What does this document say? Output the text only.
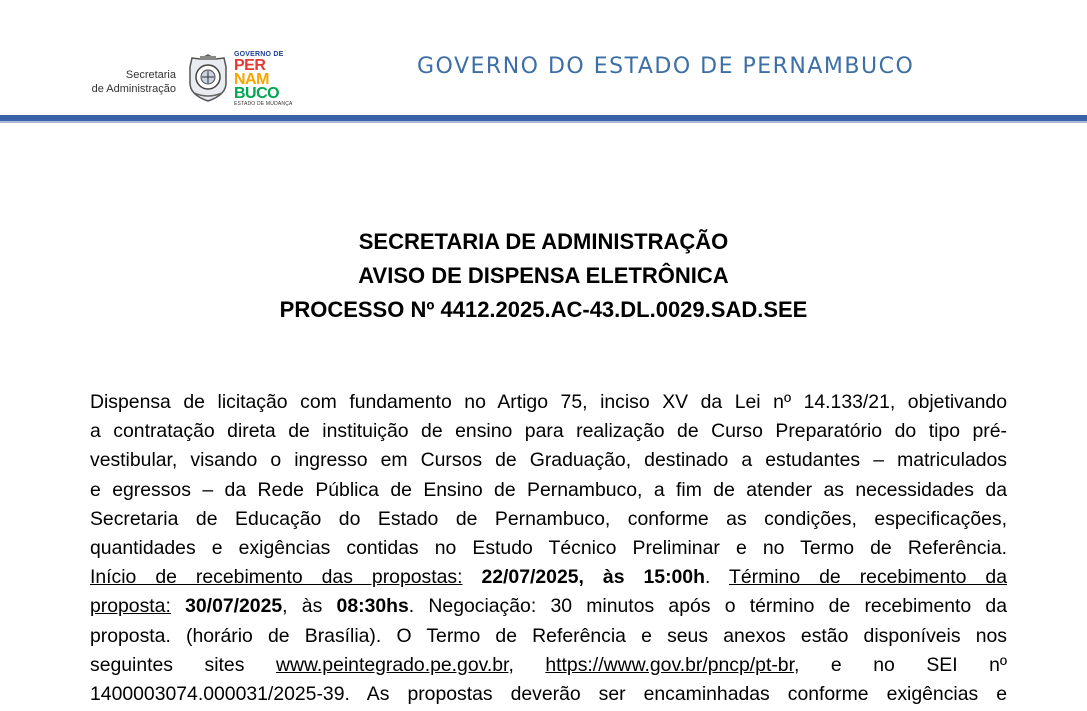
Secretaria
de Administração
GOVERNO DE
PER
NAM
BUCO
ESTADO DE MUDANÇA
GOVERNO DO ESTADO DE PERNAMBUCO
SECRETARIA DE ADMINISTRAÇÃO
AVISO DE DISPENSA ELETRÔNICA
PROCESSO Nº 4412.2025.AC-43.DL.0029.SAD.SEE
Dispensa de licitação com fundamento no Artigo 75, inciso XV da Lei nº 14.133/21, objetivando
a contratação direta de instituição de ensino para realização de Curso Preparatório do tipo pré-
vestibular, visando o ingresso em Cursos de Graduação, destinado a estudantes – matriculados
e egressos – da Rede Pública de Ensino de Pernambuco, a fim de atender as necessidades da
Secretaria de Educação do Estado de Pernambuco, conforme as condições, especificações,
quantidades e exigências contidas no Estudo Técnico Preliminar e no Termo de Referência.
Início de recebimento das propostas: 22/07/2025, às 15:00h. Término de recebimento da
proposta: 30/07/2025, às 08:30hs. Negociação: 30 minutos após o término de recebimento da
proposta. (horário de Brasília). O Termo de Referência e seus anexos estão disponíveis nos
seguintes sites www.peintegrado.pe.gov.br, https://www.gov.br/pncp/pt-br, e no SEI nº
1400003074.000031/2025-39. As propostas deverão ser encaminhadas conforme exigências e
